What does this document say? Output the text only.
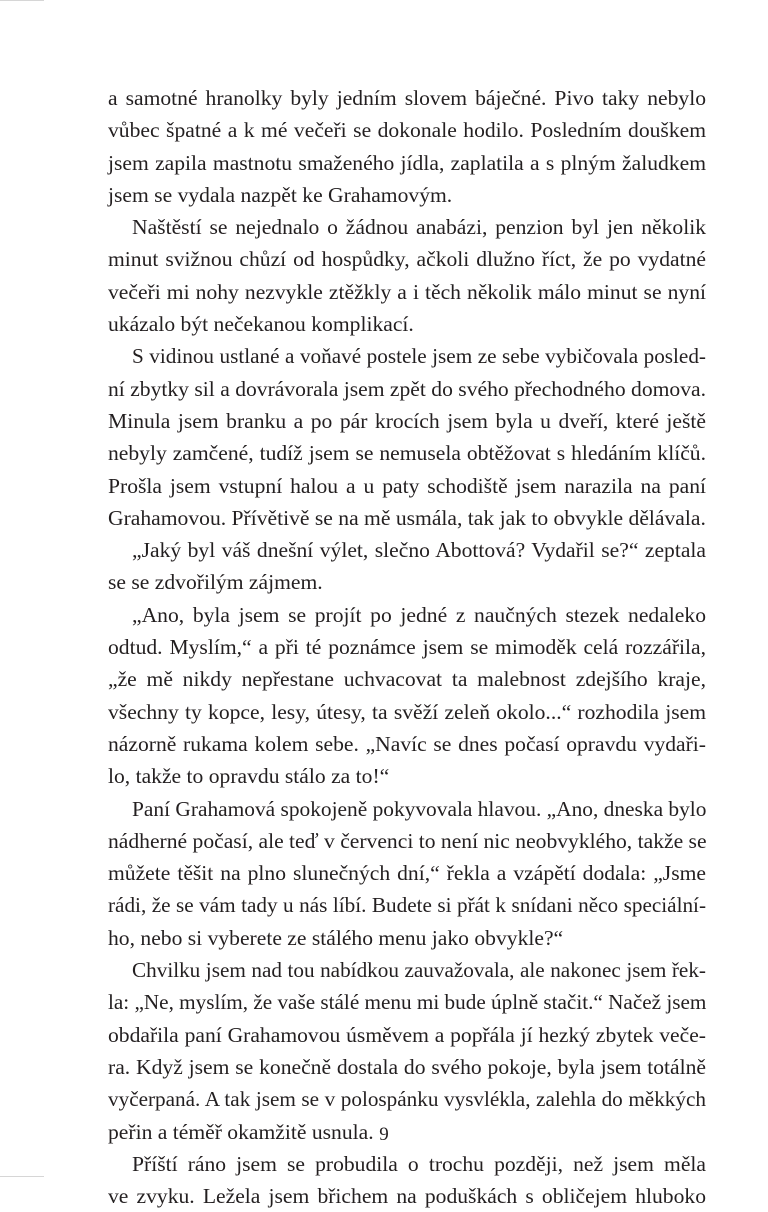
a samotné hranolky byly jedním slovem báječné. Pivo taky nebylo
vůbec špatné a k mé večeři se dokonale hodilo. Posledním douškem
jsem zapila mastnotu smaženého jídla, zaplatila a s plným žaludkem
jsem se vydala nazpět ke Grahamovým.
Naštěstí se nejednalo o žádnou anabázi, penzion byl jen několik
minut svižnou chůzí od hospůdky, ačkoli dlužno říct, že po vydatné
večeři mi nohy nezvykle ztěžkly a i těch několik málo minut se nyní
ukázalo být nečekanou komplikací.
S vidinou ustlané a voňavé postele jsem ze sebe vybičovala posled-
ní zbytky sil a dovrávorala jsem zpět do svého přechodného domova.
Minula jsem branku a po pár krocích jsem byla u dveří, které ještě
nebyly zamčené, tudíž jsem se nemusela obtěžovat s hledáním klíčů.
Prošla jsem vstupní halou a u paty schodiště jsem narazila na paní
Grahamovou. Přívětivě se na mě usmála, tak jak to obvykle dělávala.
„Jaký byl váš dnešní výlet, slečno Abottová? Vydařil se?“ zeptala
se se zdvořilým zájmem.
„Ano, byla jsem se projít po jedné z naučných stezek nedaleko
odtud. Myslím,“ a při té poznámce jsem se mimoděk celá rozzářila,
„že mě nikdy nepřestane uchvacovat ta malebnost zdejšího kraje,
všechny ty kopce, lesy, útesy, ta svěží zeleň okolo...“ rozhodila jsem
názorně rukama kolem sebe. „Navíc se dnes počasí opravdu vydaři-
lo, takže to opravdu stálo za to!“
Paní Grahamová spokojeně pokyvovala hlavou. „Ano, dneska bylo
nádherné počasí, ale teď v červenci to není nic neobvyklého, takže se
můžete těšit na plno slunečných dní,“ řekla a vzápětí dodala: „Jsme
rádi, že se vám tady u nás líbí. Budete si přát k snídani něco speciální-
ho, nebo si vyberete ze stálého menu jako obvykle?“
Chvilku jsem nad tou nabídkou zauvažovala, ale nakonec jsem řek-
la: „Ne, myslím, že vaše stálé menu mi bude úplně stačit.“ Načež jsem
obdařila paní Grahamovou úsměvem a popřála jí hezký zbytek veče-
ra. Když jsem se konečně dostala do svého pokoje, byla jsem totálně
vyčerpaná. A tak jsem se v polospánku vysvlékla, zalehla do měkkých
peřin a téměř okamžitě usnula.
Příští ráno jsem se probudila o trochu později, než jsem měla
ve zvyku. Ležela jsem břichem na poduškách s obličejem hluboko
9
